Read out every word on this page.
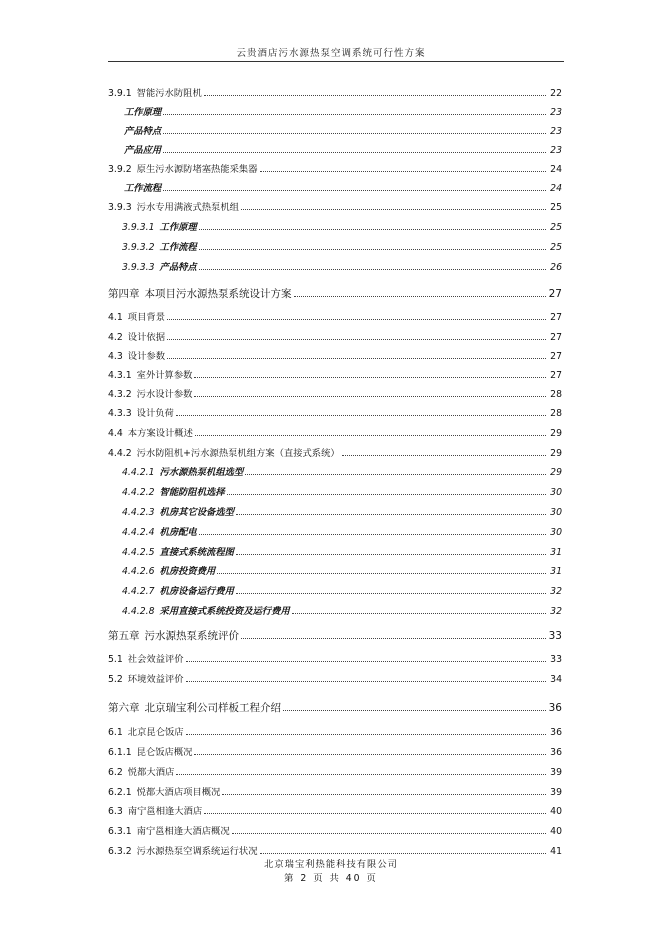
云贵酒店污水源热泵空调系统可行性方案
3.9.1 智能污水防阻机	22
工作原理	23
产品特点	23
产品应用	23
3.9.2 原生污水源防堵塞热能采集器	24
工作流程	24
3.9.3 污水专用满液式热泵机组	25
3.9.3.1 工作原理	25
3.9.3.2 工作流程	25
3.9.3.3 产品特点	26
第四章 本项目污水源热泵系统设计方案	27
4.1 项目背景	27
4.2 设计依据	27
4.3 设计参数	27
4.3.1 室外计算参数	27
4.3.2 污水设计参数	28
4.3.3 设计负荷	28
4.4 本方案设计概述	29
4.4.2 污水防阻机+污水源热泵机组方案（直接式系统）	29
4.4.2.1 污水源热泵机组选型	29
4.4.2.2 智能防阻机选择	30
4.4.2.3 机房其它设备选型	30
4.4.2.4 机房配电	30
4.4.2.5 直接式系统流程图	31
4.4.2.6 机房投资费用	31
4.4.2.7 机房设备运行费用	32
4.4.2.8 采用直接式系统投资及运行费用	32
第五章 污水源热泵系统评价	33
5.1 社会效益评价	33
5.2 环境效益评价	34
第六章 北京瑞宝利公司样板工程介绍	36
6.1 北京昆仑饭店	36
6.1.1 昆仑饭店概况	36
6.2 悦都大酒店	39
6.2.1 悦都大酒店项目概况	39
6.3 南宁邕相逢大酒店	40
6.3.1 南宁邕相逢大酒店概况	40
6.3.2 污水源热泵空调系统运行状况	41
北京瑞宝利热能科技有限公司
第 2 页 共 40 页
